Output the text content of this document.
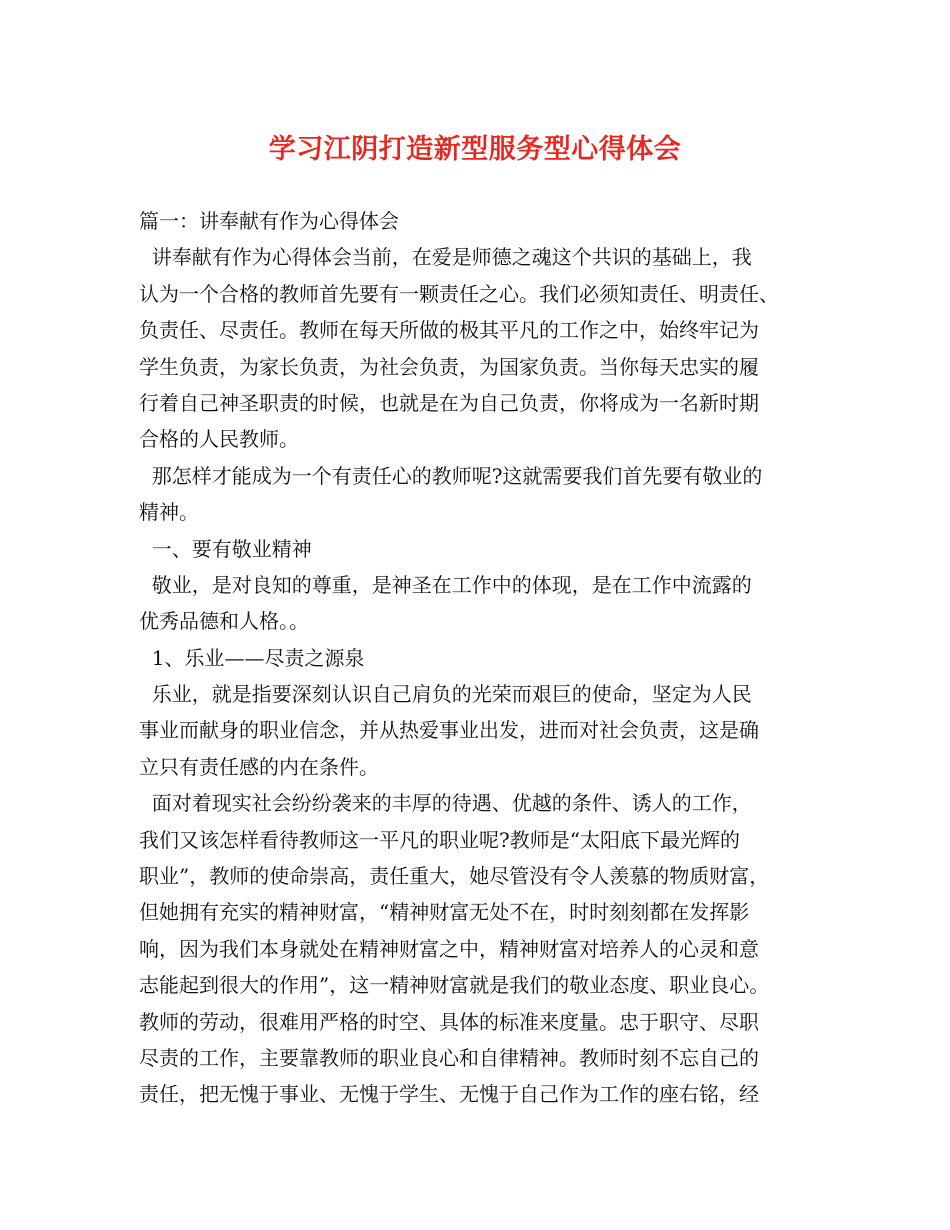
学习江阴打造新型服务型心得体会
篇一：讲奉献有作为心得体会
讲奉献有作为心得体会当前，在爱是师德之魂这个共识的基础上，我
认为一个合格的教师首先要有一颗责任之心。我们必须知责任、明责任、
负责任、尽责任。教师在每天所做的极其平凡的工作之中，始终牢记为
学生负责，为家长负责，为社会负责，为国家负责。当你每天忠实的履
行着自己神圣职责的时候，也就是在为自己负责，你将成为一名新时期
合格的人民教师。
那怎样才能成为一个有责任心的教师呢?这就需要我们首先要有敬业的
精神。
一、要有敬业精神
敬业，是对良知的尊重，是神圣在工作中的体现，是在工作中流露的
优秀品德和人格。。
1、乐业——尽责之源泉
乐业，就是指要深刻认识自己肩负的光荣而艰巨的使命，坚定为人民
事业而献身的职业信念，并从热爱事业出发，进而对社会负责，这是确
立只有责任感的内在条件。
面对着现实社会纷纷袭来的丰厚的待遇、优越的条件、诱人的工作，
我们又该怎样看待教师这一平凡的职业呢?教师是“太阳底下最光辉的
职业”，教师的使命崇高，责任重大，她尽管没有令人羡慕的物质财富，
但她拥有充实的精神财富，“精神财富无处不在，时时刻刻都在发挥影
响，因为我们本身就处在精神财富之中，精神财富对培养人的心灵和意
志能起到很大的作用”，这一精神财富就是我们的敬业态度、职业良心。
教师的劳动，很难用严格的时空、具体的标准来度量。忠于职守、尽职
尽责的工作，主要靠教师的职业良心和自律精神。教师时刻不忘自己的
责任，把无愧于事业、无愧于学生、无愧于自己作为工作的座右铭，经
